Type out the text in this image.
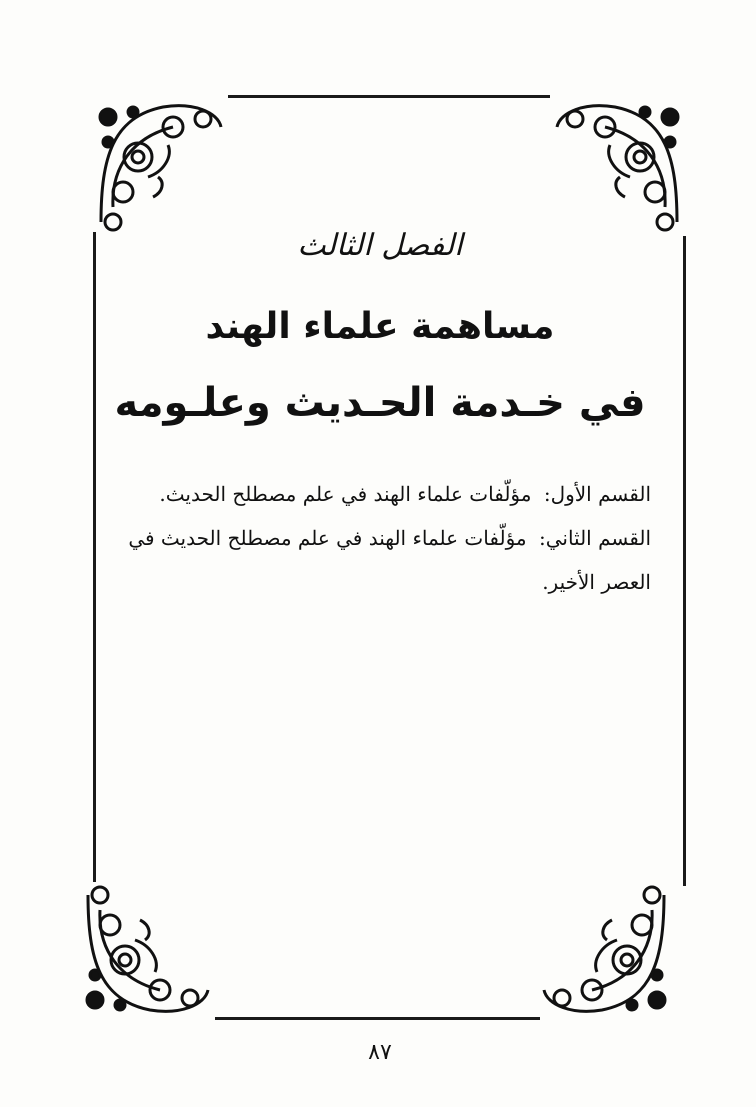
الفصل الثالث
مساهمة علماء الهند
في خـدمة الحـديث وعلـومه

القسم الأول: مؤلّفات علماء الهند في علم مصطلح الحديث.

القسم الثاني: مؤلّفات علماء الهند في علم مصطلح الحديث في العصر الأخير.

٨٧
